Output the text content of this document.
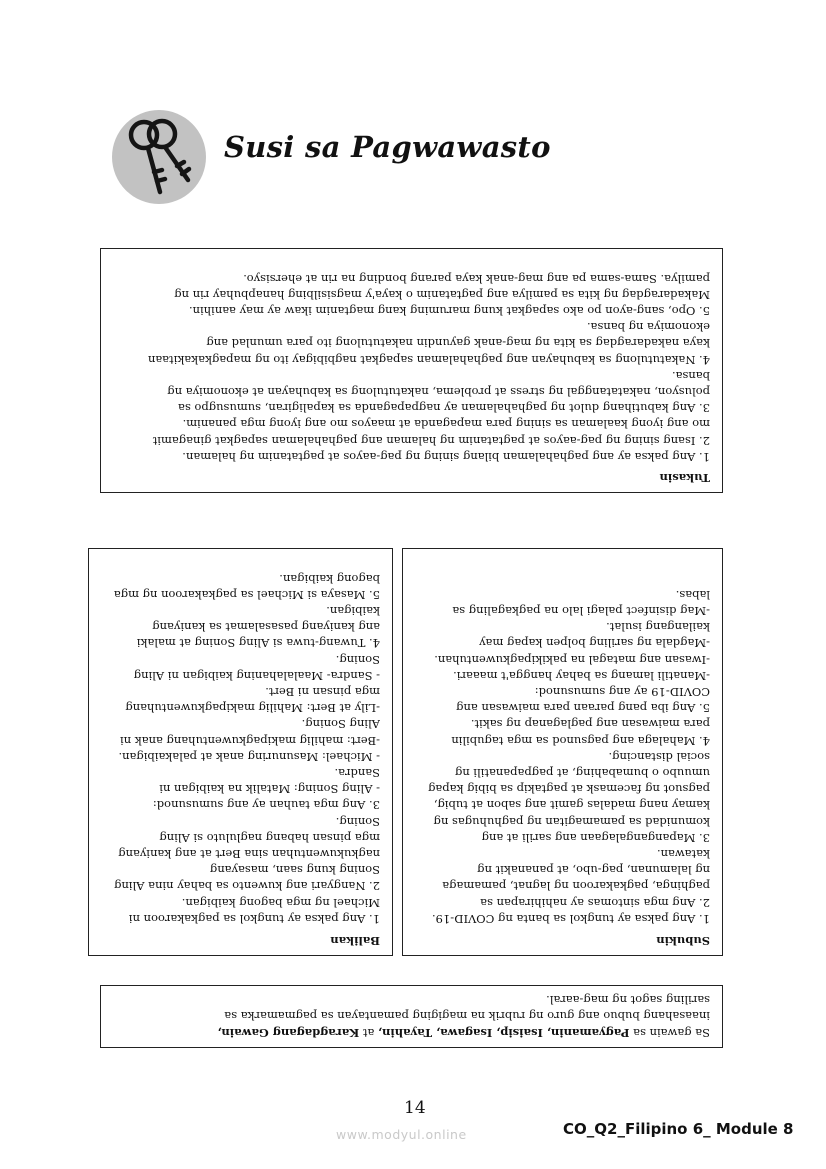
Susi sa Pagwawasto
Tukasin
1. Ang paksa ay ang paghahalaman bilang sining ng pag-aayos at pagtatanim ng halaman.
2. Isang sining ng pag-aayos at pagtatanim ng halaman ang paghahalaman sapagkat ginagamit
mo ang iyong kaalaman sa sining para mapaganda at maayos mo ang iyong mga pananim.
3. Ang kabutihang dulot ng paghahalaman ay nagpapaganda sa kapaligiran, sumusugpo sa
polusyon, nakatatanggal ng stress at problema, nakatutulong sa kabuhayan at ekonomiya ng
bansa.
4. Nakatutulong sa kabuhayan ang paghahalaman sapagkat nagbibigay ito ng mapagkakakitaan
kaya nakadaragdag sa kita ng mag-anak gayundin nakatutulong ito para umunlad ang
ekonomiya ng bansa.
5. Opo, sang-ayon po ako sapagkat kung maruming kang magtanim ikaw ay may aanihin.
Makadaragdag ng kita sa pamilya ang pagtatanim o kaya'y magsisilbing hanapbuhay rin ng
pamilya. Sama-sama pa ang mag-anak kaya parang bonding na rin at ehersisyo.
Subukin
1. Ang paksa ay tungkol sa banta ng COVID-19.
2. Ang mga sintomas ay nahihirapan sa
paghinga, pagkakaroon ng lagnat, pamamaga
ng lalamunan, pag-ubo, at pananakit ng
katawan.
3. Mapangangalagaan ang sarili at ang
komunidad sa pamamagitan ng paghuhugas ng
kamay nang madalas gamit ang sabon at tubig,
pagsuot ng facemask at pagtakip sa bibig kapag
umuubo o bumabahing, at pagpapanatili ng
social distancing.
4. Mahalaga ang pagsunod sa mga tagubilin
para maiwasan ang paglaganap ng sakit.
5. Ang iba pang paraan para maiwasan ang
COVID-19 ay ang sumusunod:
-Manatili lamang sa bahay hangga't maaari.
-Iwasan ang matagal na pakikipagkuwentuhan.
-Magdala ng sariling bolpen kapag may
kailangang isulat.
-Mag disinfect palagi lalo na pagkagaling sa
labas.
Balikan
1. Ang paksa ay tungkol sa pagkakaroon ni
Michael ng mga bagong kaibigan.
2. Nangyari ang kuwento sa bahay nina Aling
Soning kung saan, masayang
nagkukuwentuhan sina Bert at ang kaniyang
mga pinsan habang nagluluto si Aling
Soning.
3. Ang mga tauhan ay ang sumusunod:
- Aling Soning: Matalik na kaibigan ni
Sandra.
- Michael: Masunuring anak at palakaibigan.
-Bert: mahilig makipagkuwentuhang anak ni
Aling Soning.
-Lily at Bert: Mahilig makipagkuwentuhang
mga pinsan ni Bert.
- Sandra- Maalalahaning kaibigan ni Aling
Soning.
4. Tuwang-tuwa si Aling Soning at malaki
ang kaniyang pasasalamat sa kaniyang
kaibigan.
5. Masaya si Michael sa pagkakaroon ng mga
bagong kaibigan.
Sa gawain sa Pagyamanin, Isaisip, Isagawa, Tayahin, at Karagdagang Gawain,
inaasahang bubuo ang guro ng rubrik na magiging pamantayan sa pagmamarka sa
sariling sagot ng mag-aaral.
14
www.modyul.online	CO_Q2_Filipino 6_ Module 8
